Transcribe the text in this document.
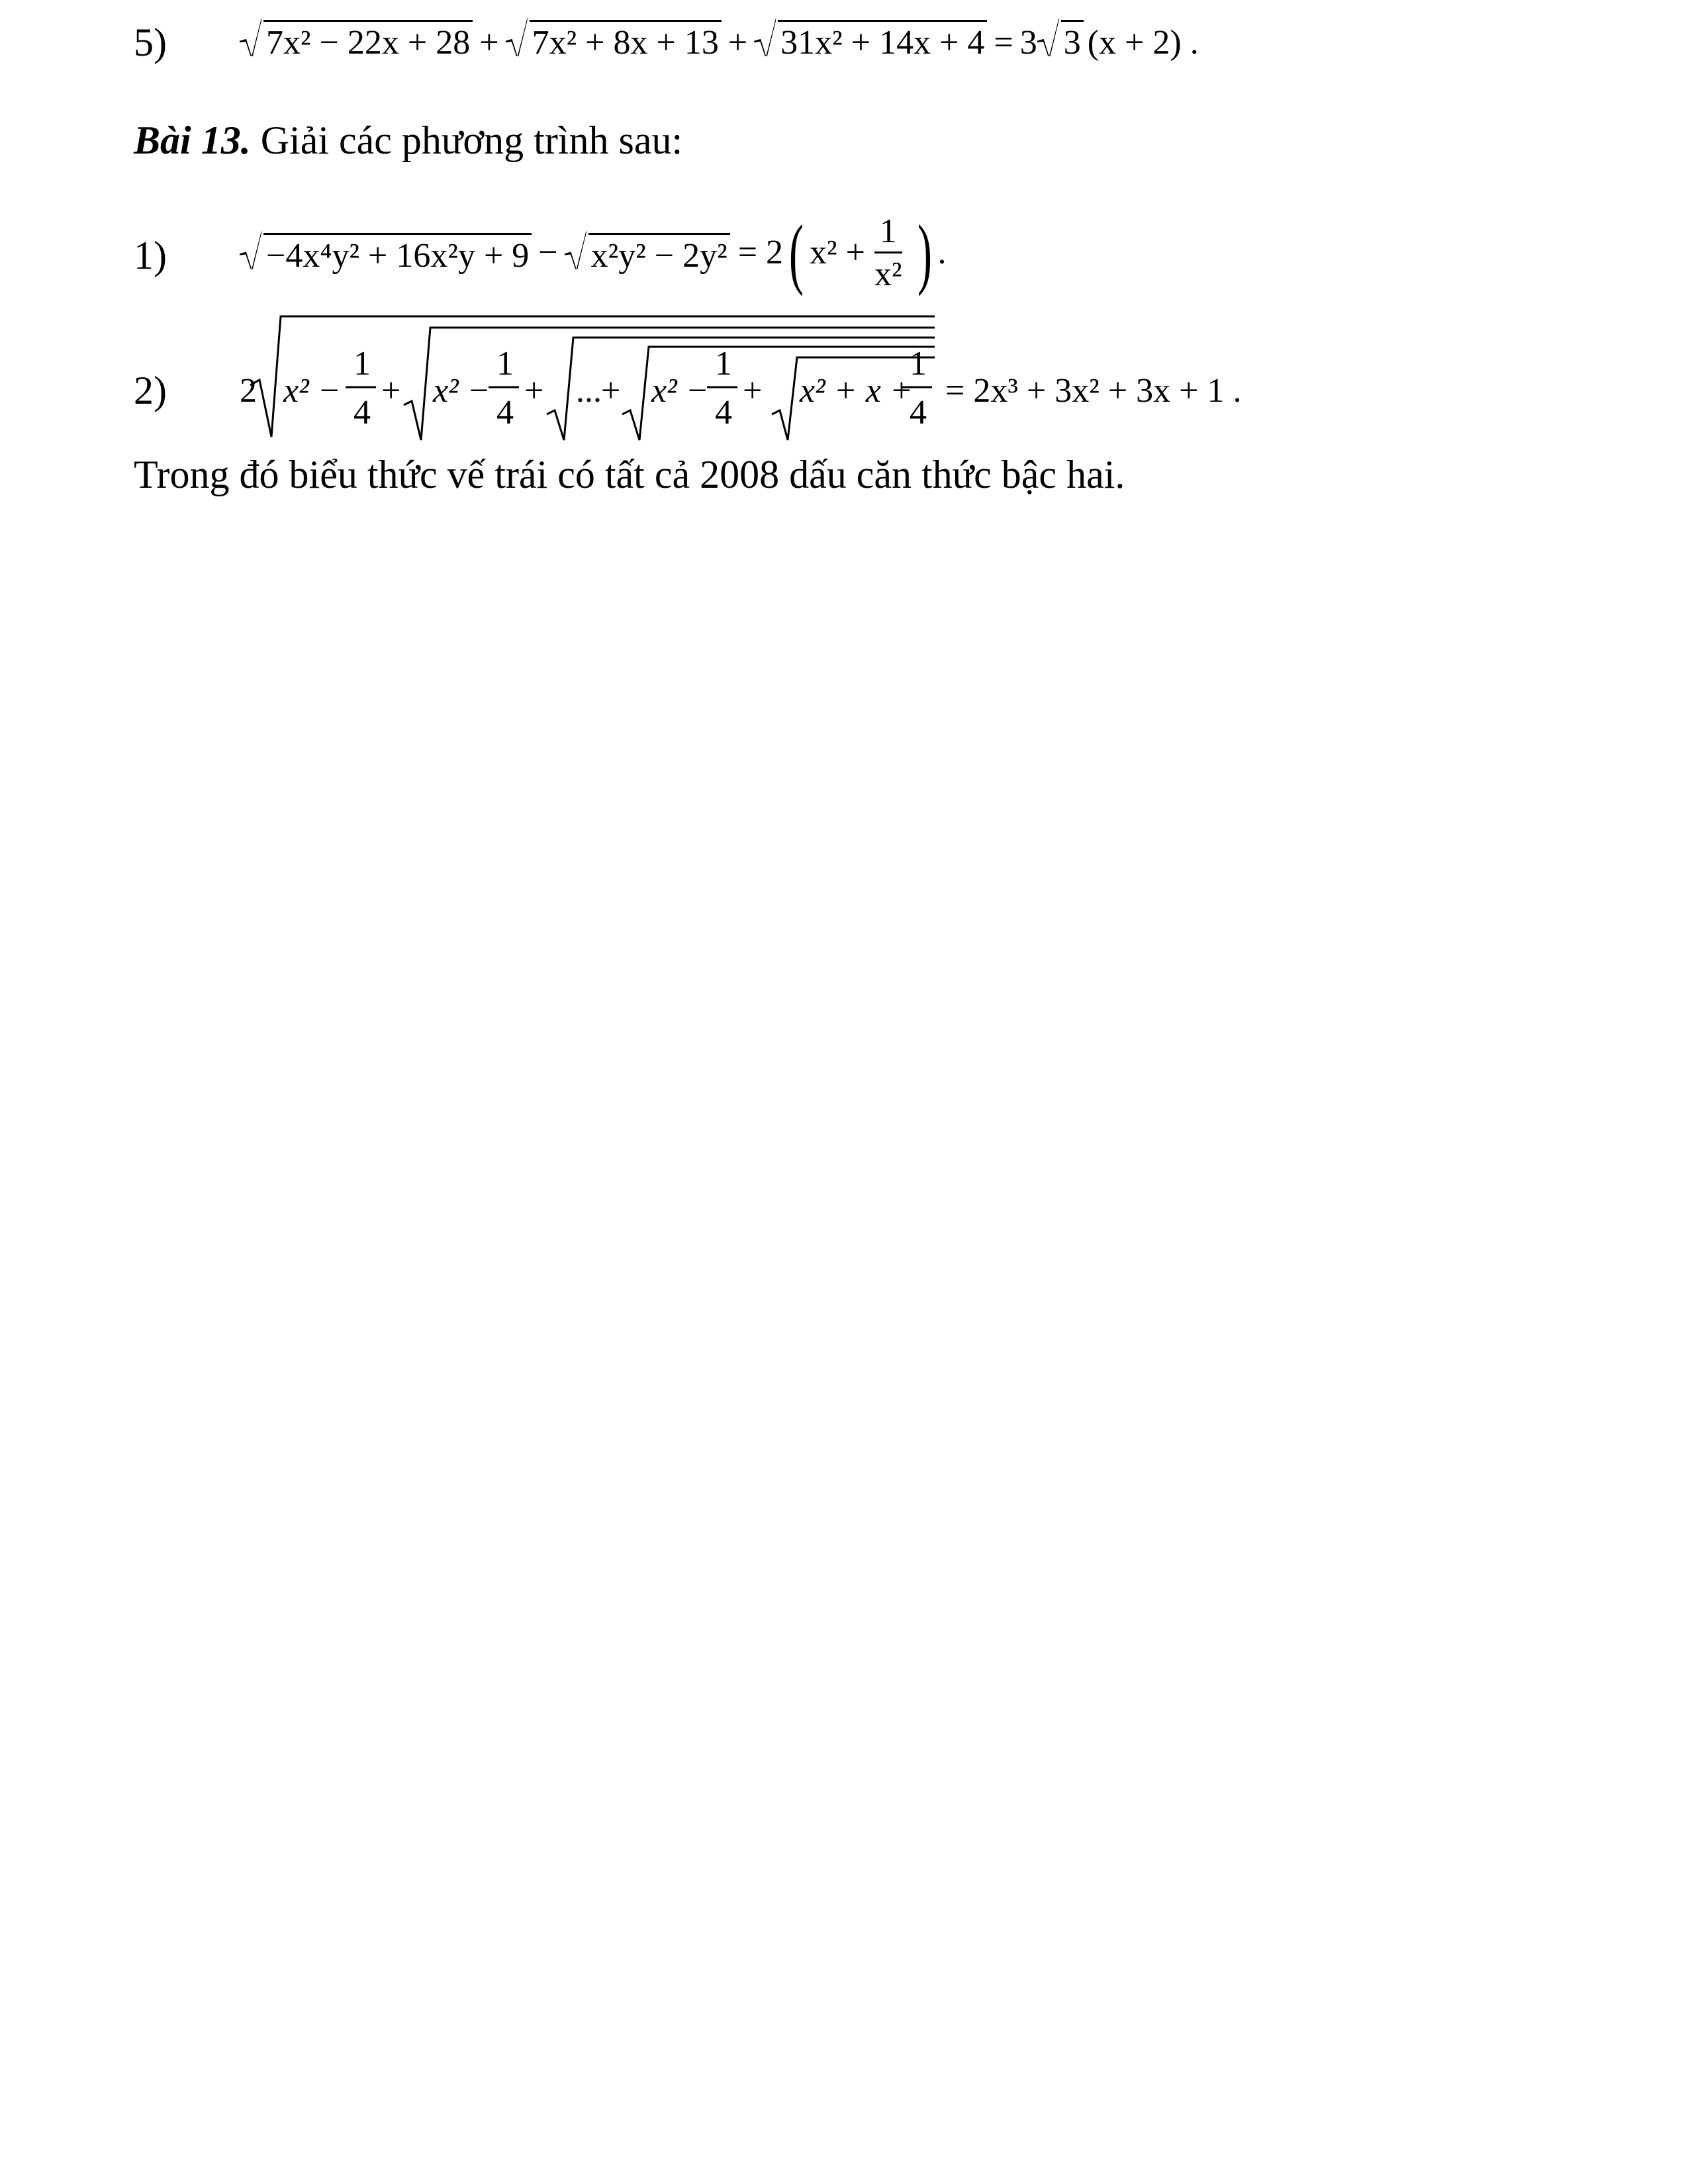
5)	7x² − 22x + 28 + 7x² + 8x + 13 + 31x² + 14x + 4 = 3 3 (x + 2) .
Bài 13. Giải các phương trình sau:
1)	−4x⁴y² + 16x²y + 9 − x²y² − 2y² = 2 ( $x^2 + \frac{1}{\text{x²}}$ ) .
2) 2 x² −
1
4
+ x² −
1
4
+ ... + x² −
1
4
+ x² + x +
1
4
= 2x³ + 3x² + 3x + 1 .
Trong đó biểu thức vế trái có tất cả 2008 dấu căn thức bậc hai.
